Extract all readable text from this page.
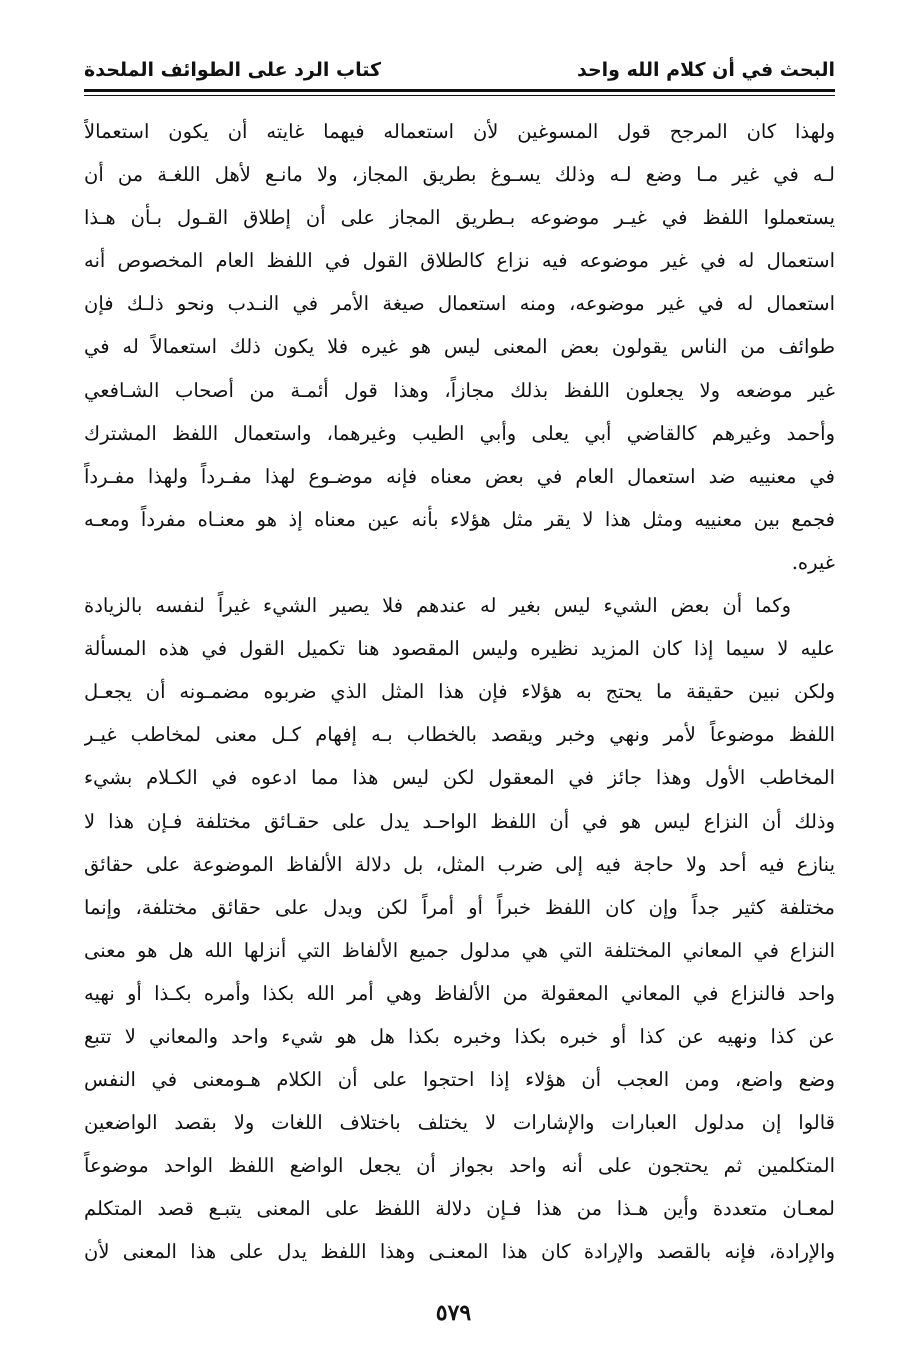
البحث في أن كلام الله واحد
كتاب الرد على الطوائف الملحدة
ولهذا كان المرجح قول المسوغين لأن استعماله فيهما غايته أن يكون استعمالاً
لـه في غير مـا وضع لـه وذلك يسـوغ بطريق المجاز، ولا مانـع لأهل اللغـة من أن
يستعملوا اللفظ في غيـر موضوعه بـطريق المجاز على أن إطلاق القـول بـأن هـذا
استعمال له في غير موضوعه فيه نزاع كالطلاق القول في اللفظ العام المخصوص أنه
استعمال له في غير موضوعه، ومنه استعمال صيغة الأمر في النـدب ونحو ذلـك فإن
طوائف من الناس يقولون بعض المعنى ليس هو غيره فلا يكون ذلك استعمالاً له في
غير موضعه ولا يجعلون اللفظ بذلك مجازاً، وهذا قول أئمـة من أصحاب الشـافعي
وأحمد وغيرهم كالقاضي أبي يعلى وأبي الطيب وغيرهما، واستعمال اللفظ المشترك
في معنييه ضد استعمال العام في بعض معناه فإنه موضـوع لهذا مفـرداً ولهذا مفـرداً
فجمع بين معنييه ومثل هذا لا يقر مثل هؤلاء بأنه عين معناه إذ هو معنـاه مفرداً ومعـه
غيره.
وكما أن بعض الشيء ليس بغير له عندهم فلا يصير الشيء غيراً لنفسه بالزيادة
عليه لا سيما إذا كان المزيد نظيره وليس المقصود هنا تكميل القول في هذه المسألة
ولكن نبين حقيقة ما يحتج به هؤلاء فإن هذا المثل الذي ضربوه مضمـونه أن يجعـل
اللفظ موضوعاً لأمر ونهي وخبر ويقصد بالخطاب بـه إفهام كـل معنى لمخاطب غيـر
المخاطب الأول وهذا جائز في المعقول لكن ليس هذا مما ادعوه في الكـلام بشيء
وذلك أن النزاع ليس هو في أن اللفظ الواحـد يدل على حقـائق مختلفة فـإن هذا لا
ينازع فيه أحد ولا حاجة فيه إلى ضرب المثل، بل دلالة الألفاظ الموضوعة على حقائق
مختلفة كثير جداً وإن كان اللفظ خبراً أو أمراً لكن ويدل على حقائق مختلفة، وإنما
النزاع في المعاني المختلفة التي هي مدلول جميع الألفاظ التي أنزلها الله هل هو معنى
واحد فالنزاع في المعاني المعقولة من الألفاظ وهي أمر الله بكذا وأمره بكـذا أو نهيه
عن كذا ونهيه عن كذا أو خبره بكذا وخبره بكذا هل هو شيء واحد والمعاني لا تتبع
وضع واضع، ومن العجب أن هؤلاء إذا احتجوا على أن الكلام هـومعنى في النفس
قالوا إن مدلول العبارات والإشارات لا يختلف باختلاف اللغات ولا بقصد الواضعين
المتكلمين ثم يحتجون على أنه واحد بجواز أن يجعل الواضع اللفظ الواحد موضوعاً
لمعـان متعددة وأين هـذا من هذا فـإن دلالة اللفظ على المعنى يتبـع قصد المتكلم
والإرادة، فإنه بالقصد والإرادة كان هذا المعنـى وهذا اللفظ يدل على هذا المعنى لأن
٥٧٩
